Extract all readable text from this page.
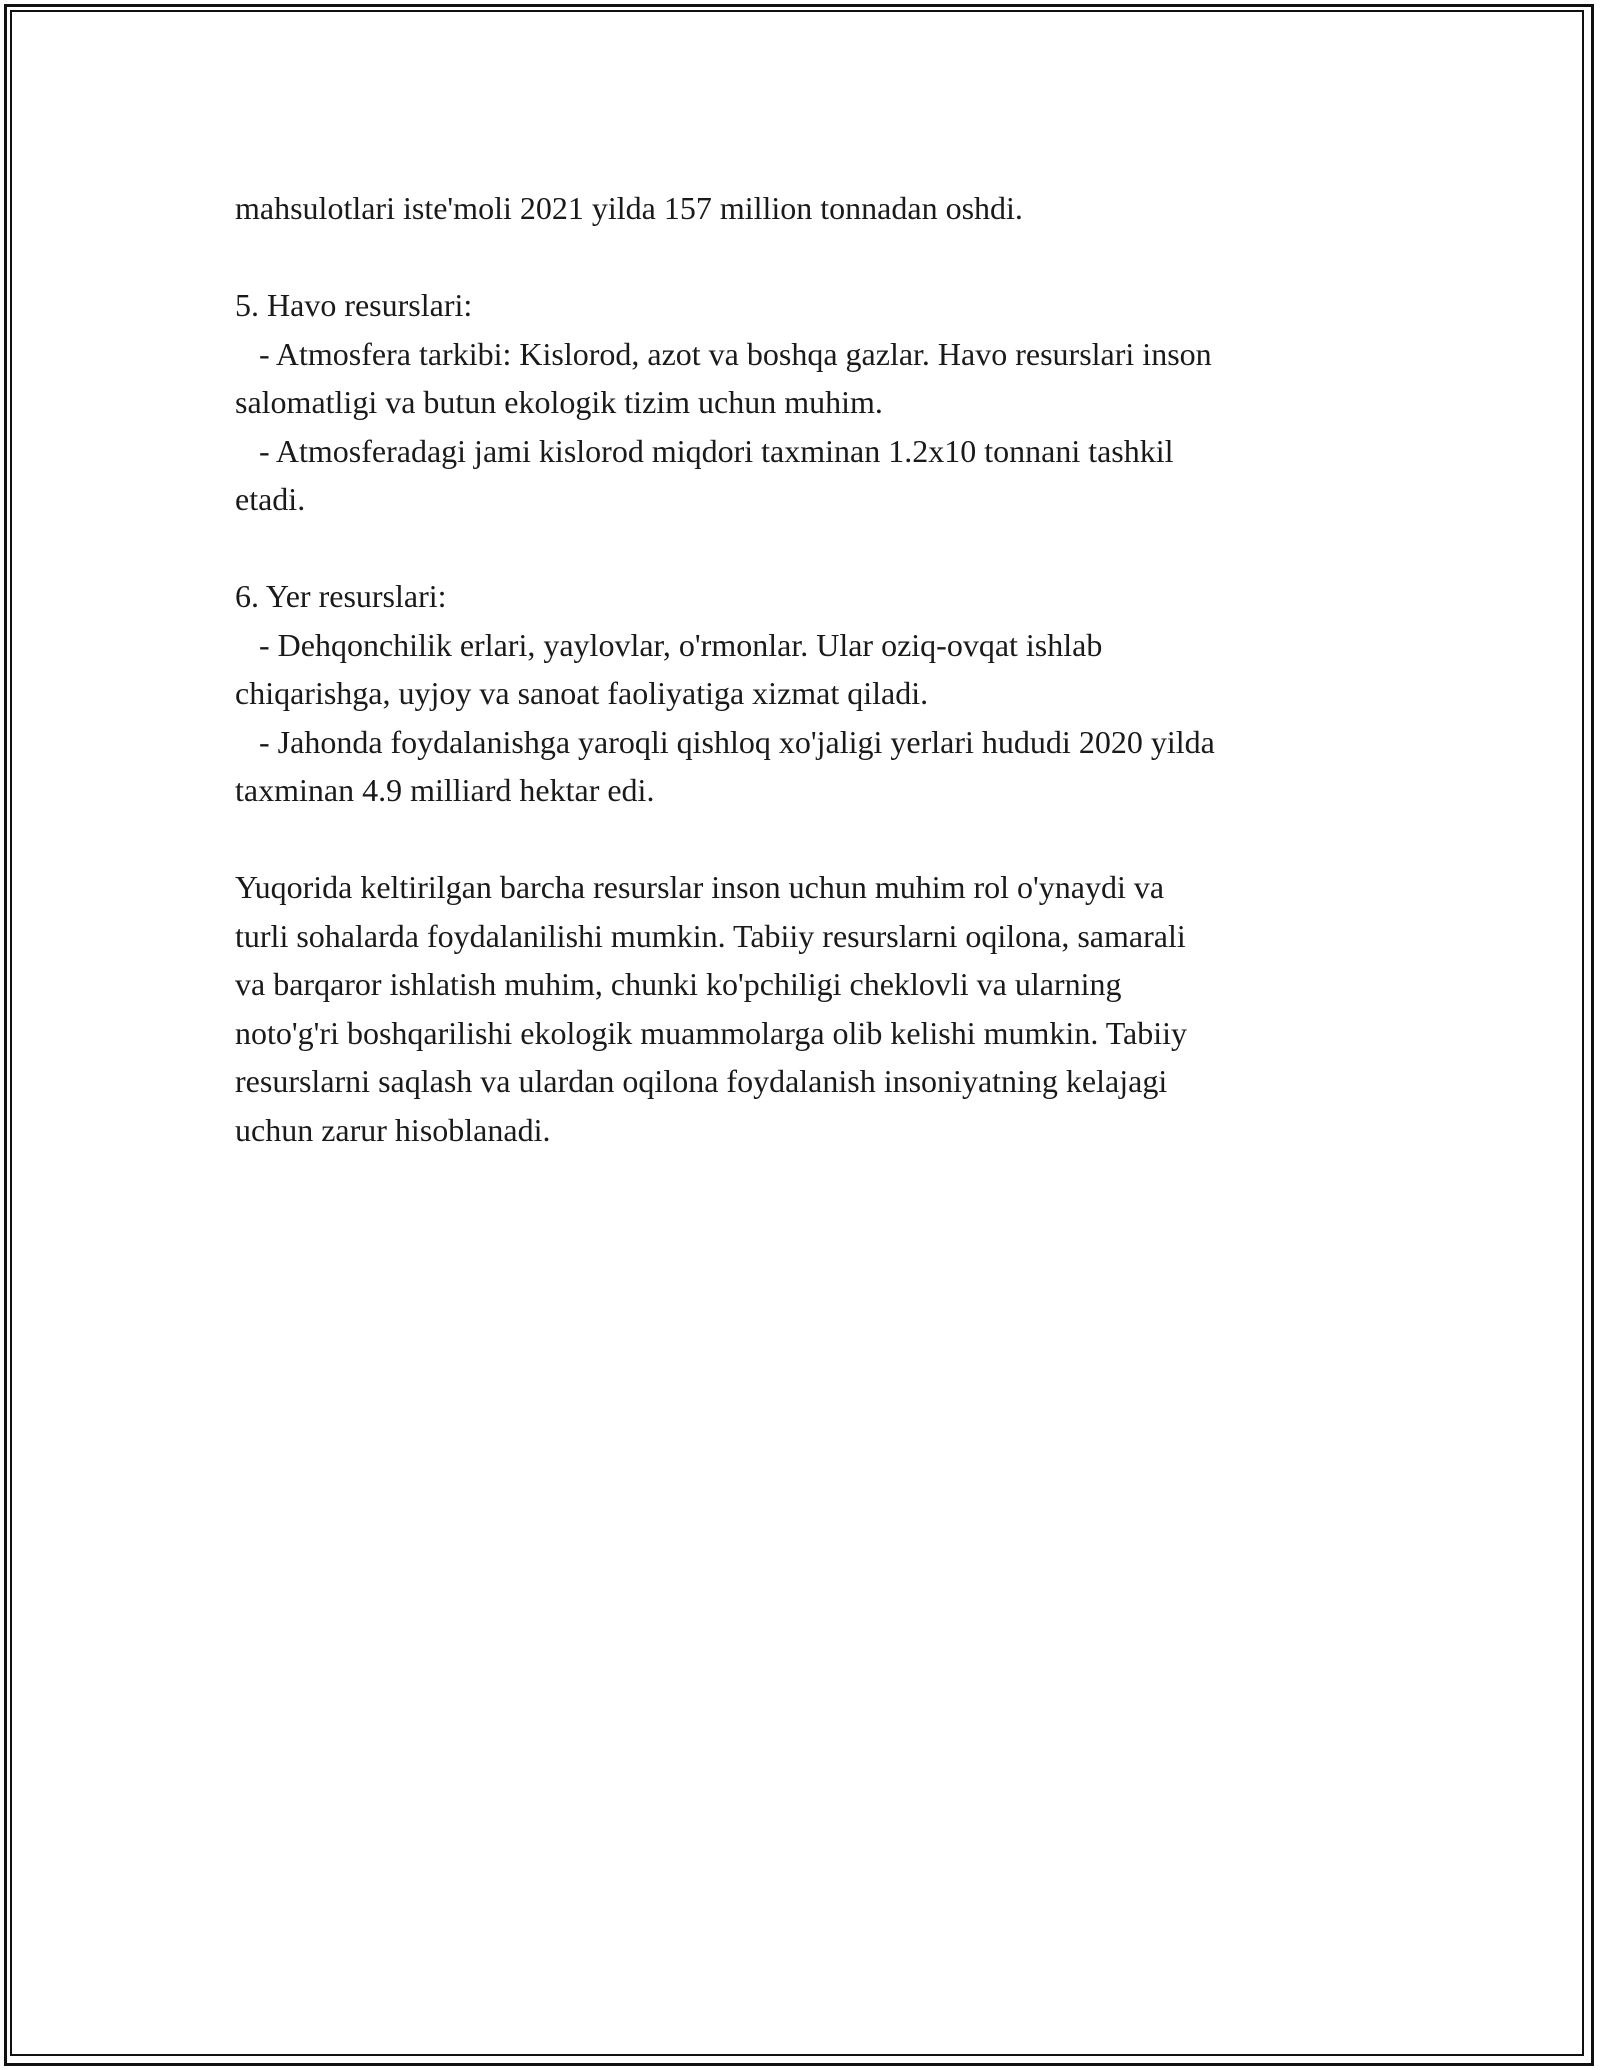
mahsulotlari iste'moli 2021 yilda 157 million tonnadan oshdi.
5. Havo resurslari:
- Atmosfera tarkibi: Kislorod, azot va boshqa gazlar. Havo resurslari inson
salomatligi va butun ekologik tizim uchun muhim.
- Atmosferadagi jami kislorod miqdori taxminan 1.2x10 tonnani tashkil
etadi.
6. Yer resurslari:
- Dehqonchilik erlari, yaylovlar, o'rmonlar. Ular oziq-ovqat ishlab
chiqarishga, uyjoy va sanoat faoliyatiga xizmat qiladi.
- Jahonda foydalanishga yaroqli qishloq xo'jaligi yerlari hududi 2020 yilda
taxminan 4.9 milliard hektar edi.
Yuqorida keltirilgan barcha resurslar inson uchun muhim rol o'ynaydi va
turli sohalarda foydalanilishi mumkin. Tabiiy resurslarni oqilona, samarali
va barqaror ishlatish muhim, chunki ko'pchiligi cheklovli va ularning
noto'g'ri boshqarilishi ekologik muammolarga olib kelishi mumkin. Tabiiy
resurslarni saqlash va ulardan oqilona foydalanish insoniyatning kelajagi
uchun zarur hisoblanadi.
